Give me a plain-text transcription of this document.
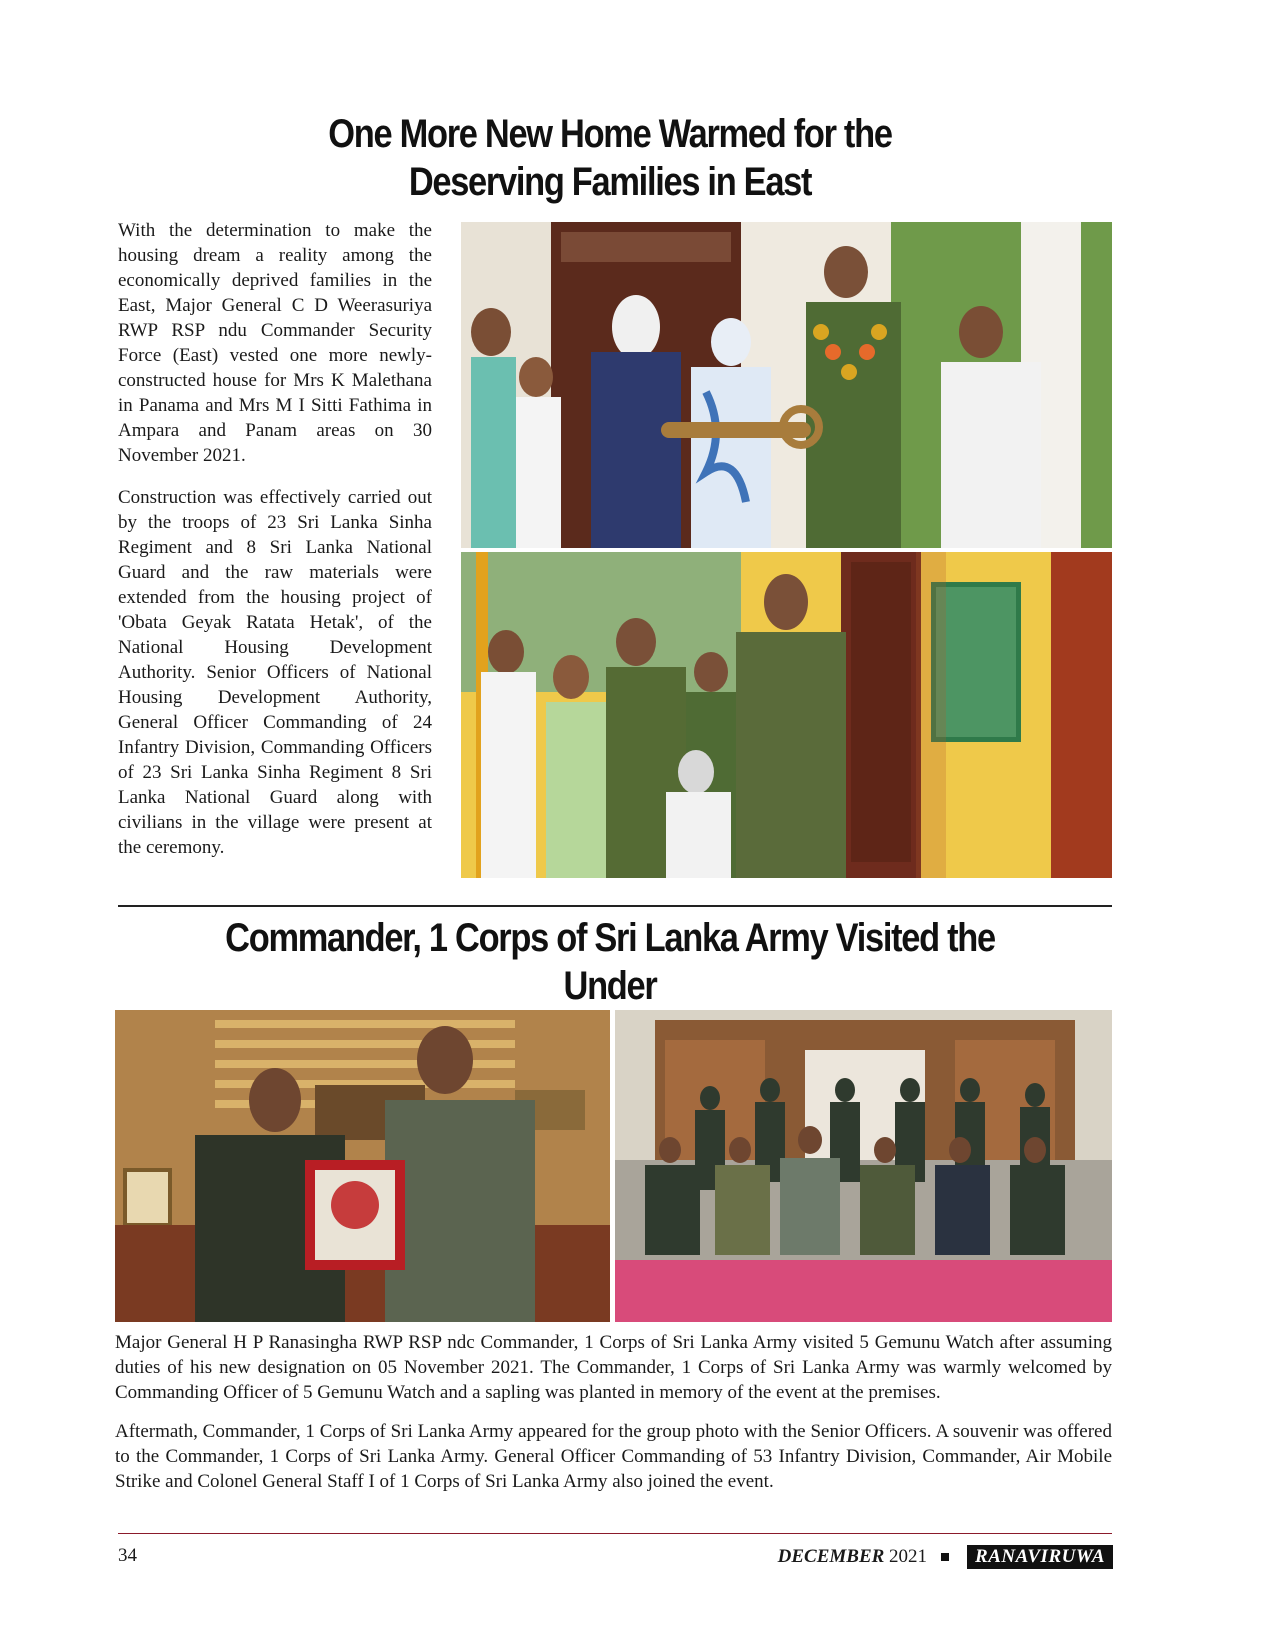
One More New Home Warmed for the
Deserving Families in East

With the determination to make the housing dream a reality among the economically deprived families in the East, Major General C D Weerasuriya RWP RSP ndu Commander Security Force (East) vested one more newly-constructed house for Mrs K Malethana in Panama and Mrs M I Sitti Fathima in Ampara and Panam areas on 30 November 2021.

Construction was effectively carried out by the troops of 23 Sri Lanka Sinha Regiment and 8 Sri Lanka National Guard and the raw materials were extended from the housing project of 'Obata Geyak Ratata Hetak', of the National Housing Development Authority. Senior Officers of National Housing Development Authority, General Officer Commanding of 24 Infantry Division, Commanding Officers of 23 Sri Lanka Sinha Regiment 8 Sri Lanka National Guard along with civilians in the village were present at the ceremony.

Commander, 1 Corps of Sri Lanka Army Visited the Under

Major General H P Ranasingha RWP RSP ndc Commander, 1 Corps of Sri Lanka Army visited 5 Gemunu Watch after assuming duties of his new designation on 05 November 2021. The Commander, 1 Corps of Sri Lanka Army was warmly welcomed by Commanding Officer of 5 Gemunu Watch and a sapling was planted in memory of the event at the premises.

Aftermath, Commander, 1 Corps of Sri Lanka Army appeared for the group photo with the Senior Officers. A souvenir was offered to the Commander, 1 Corps of Sri Lanka Army. General Officer Commanding of 53 Infantry Division, Commander, Air Mobile Strike and Colonel General Staff I of 1 Corps of Sri Lanka Army also joined the event.

34	DECEMBER 2021	RANAVIRUWA
